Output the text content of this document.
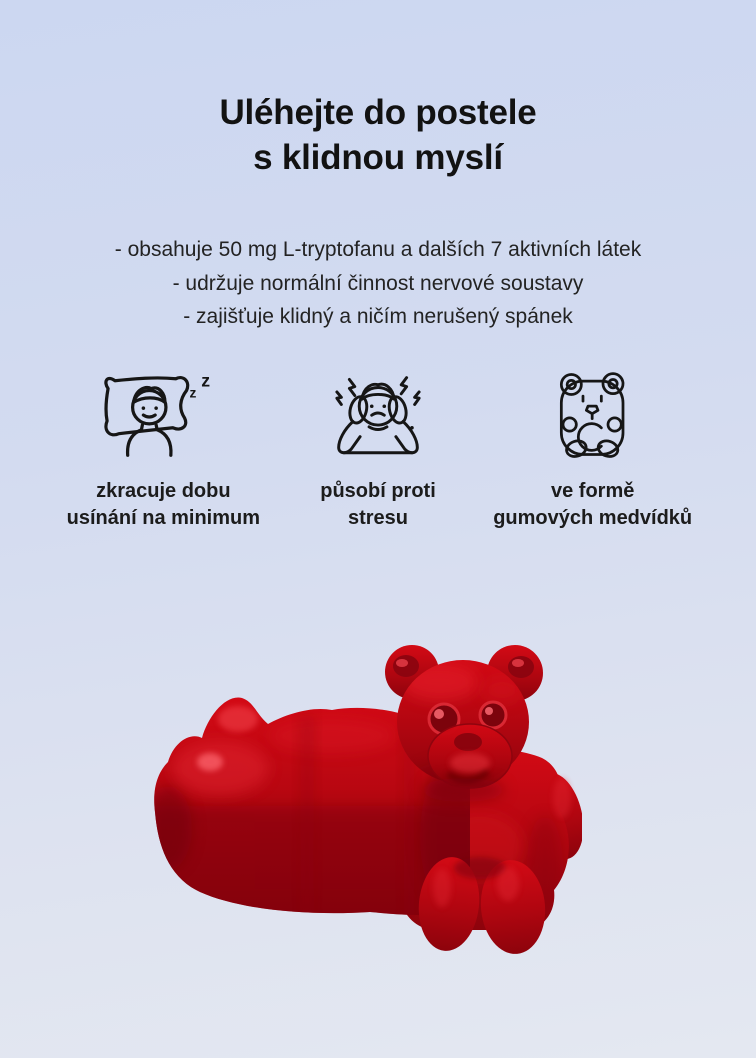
Uléhejte do postele
s klidnou myslí
- obsahuje 50 mg L-tryptofanu a dalších 7 aktivních látek
- udržuje normální činnost nervové soustavy
- zajišťuje klidný a ničím nerušený spánek
z
z
zkracuje dobu
usínání na minimum
působí proti
stresu
ve formě
gumových medvídků
